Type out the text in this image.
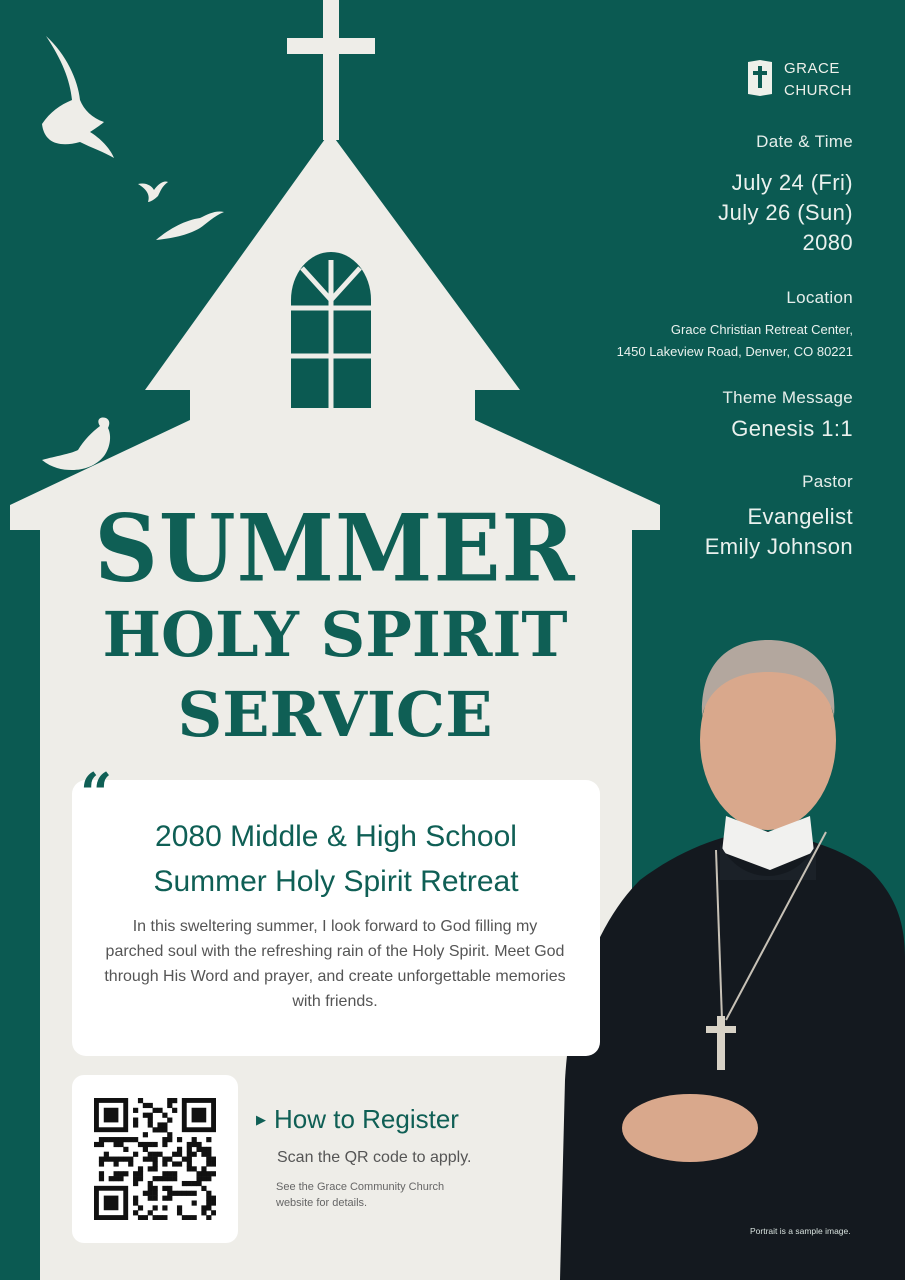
GRACE
CHURCH
Date & Time
July 24 (Fri)
July 26 (Sun)
2080
Location
Grace Christian Retreat Center,
1450 Lakeview Road, Denver, CO 80221
Theme Message
Genesis 1:1
Pastor
Evangelist
Emily Johnson
SUMMER
HOLY SPIRIT
SERVICE
“
2080 Middle & High School
Summer Holy Spirit Retreat
In this sweltering summer, I look forward to God filling my parched soul with the refreshing rain of the Holy Spirit. Meet God through His Word and prayer, and create unforgettable memories with friends.
▶ How to Register
Scan the QR code to apply.
See the Grace Community Church website for details.
Portrait is a sample image.
